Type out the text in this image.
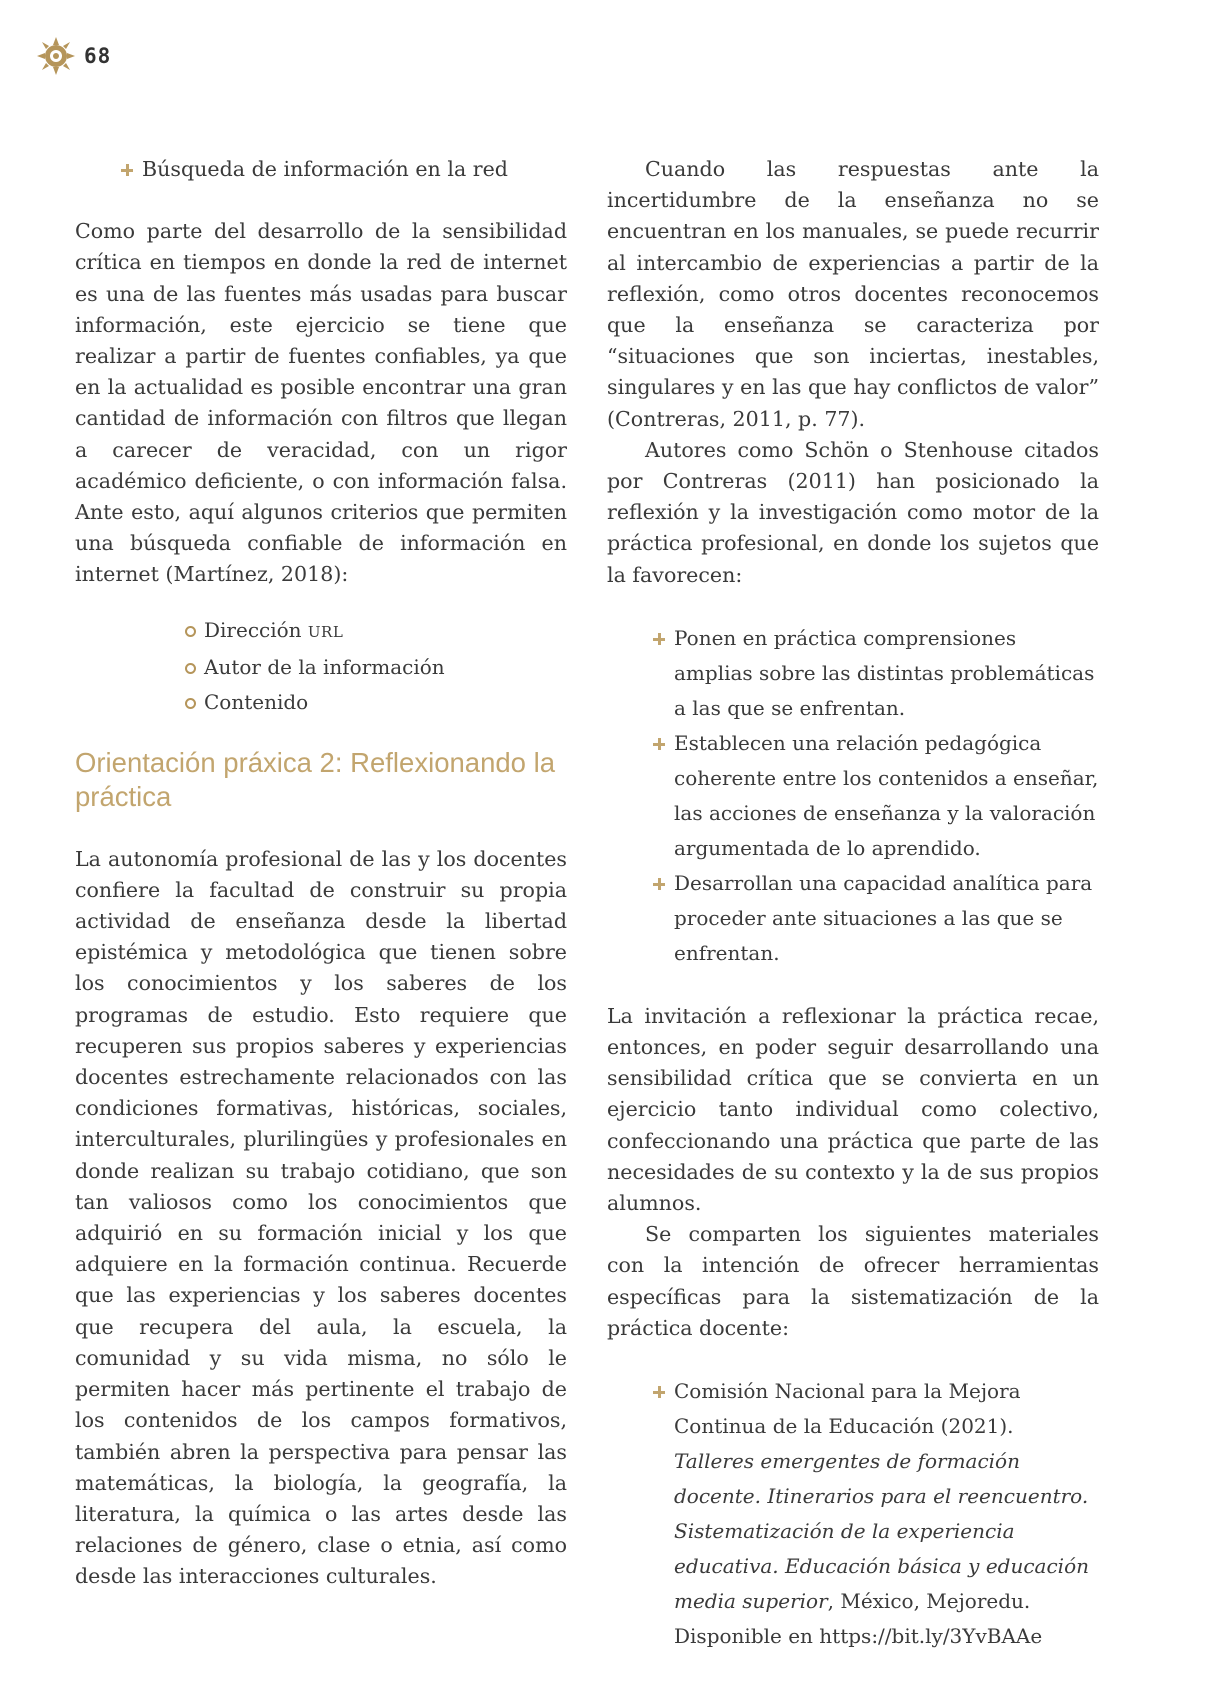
68
Búsqueda de información en la red

Como parte del desarrollo de la sensibilidad crítica en tiempos en donde la red de internet es una de las fuentes más usadas para buscar información, este ejercicio se tiene que realizar a partir de fuentes confiables, ya que en la actualidad es posible encontrar una gran cantidad de información con filtros que llegan a carecer de veracidad, con un rigor académico deficiente, o con información falsa. Ante esto, aquí algunos criterios que permiten una búsqueda confiable de información en internet (Martínez, 2018):

Dirección URL
Autor de la información
Contenido
Orientación práxica 2: Reflexionando la práctica

La autonomía profesional de las y los docentes confiere la facultad de construir su propia actividad de enseñanza desde la libertad epistémica y metodológica que tienen sobre los conocimientos y los saberes de los programas de estudio. Esto requiere que recuperen sus propios saberes y experiencias docentes estrechamente relacionados con las condiciones formativas, históricas, sociales, interculturales, plurilingües y profesionales en donde realizan su trabajo cotidiano, que son tan valiosos como los conocimientos que adquirió en su formación inicial y los que adquiere en la formación continua. Recuerde que las experiencias y los saberes docentes que recupera del aula, la escuela, la comunidad y su vida misma, no sólo le permiten hacer más pertinente el trabajo de los contenidos de los campos formativos, también abren la perspectiva para pensar las matemáticas, la biología, la geografía, la literatura, la química o las artes desde las relaciones de género, clase o etnia, así como desde las interacciones culturales.

Cuando las respuestas ante la incertidumbre de la enseñanza no se encuentran en los manuales, se puede recurrir al intercambio de experiencias a partir de la reflexión, como otros docentes reconocemos que la enseñanza se caracteriza por “situaciones que son inciertas, inestables, singulares y en las que hay conflictos de valor” (Contreras, 2011, p. 77).

Autores como Schön o Stenhouse citados por Contreras (2011) han posicionado la reflexión y la investigación como motor de la práctica profesional, en donde los sujetos que la favorecen:

Ponen en práctica comprensiones amplias sobre las distintas problemáticas a las que se enfrentan.
Establecen una relación pedagógica coherente entre los contenidos a enseñar, las acciones de enseñanza y la valoración argumentada de lo aprendido.
Desarrollan una capacidad analítica para proceder ante situaciones a las que se enfrentan.

La invitación a reflexionar la práctica recae, entonces, en poder seguir desarrollando una sensibilidad crítica que se convierta en un ejercicio tanto individual como colectivo, confeccionando una práctica que parte de las necesidades de su contexto y la de sus propios alumnos.

Se comparten los siguientes materiales con la intención de ofrecer herramientas específicas para la sistematización de la práctica docente:

Comisión Nacional para la Mejora Continua de la Educación (2021). Talleres emergentes de formación docente. Itinerarios para el reencuentro. Sistematización de la experiencia educativa. Educación básica y educación media superior, México, Mejoredu. Disponible en https://bit.ly/3YvBAAe
